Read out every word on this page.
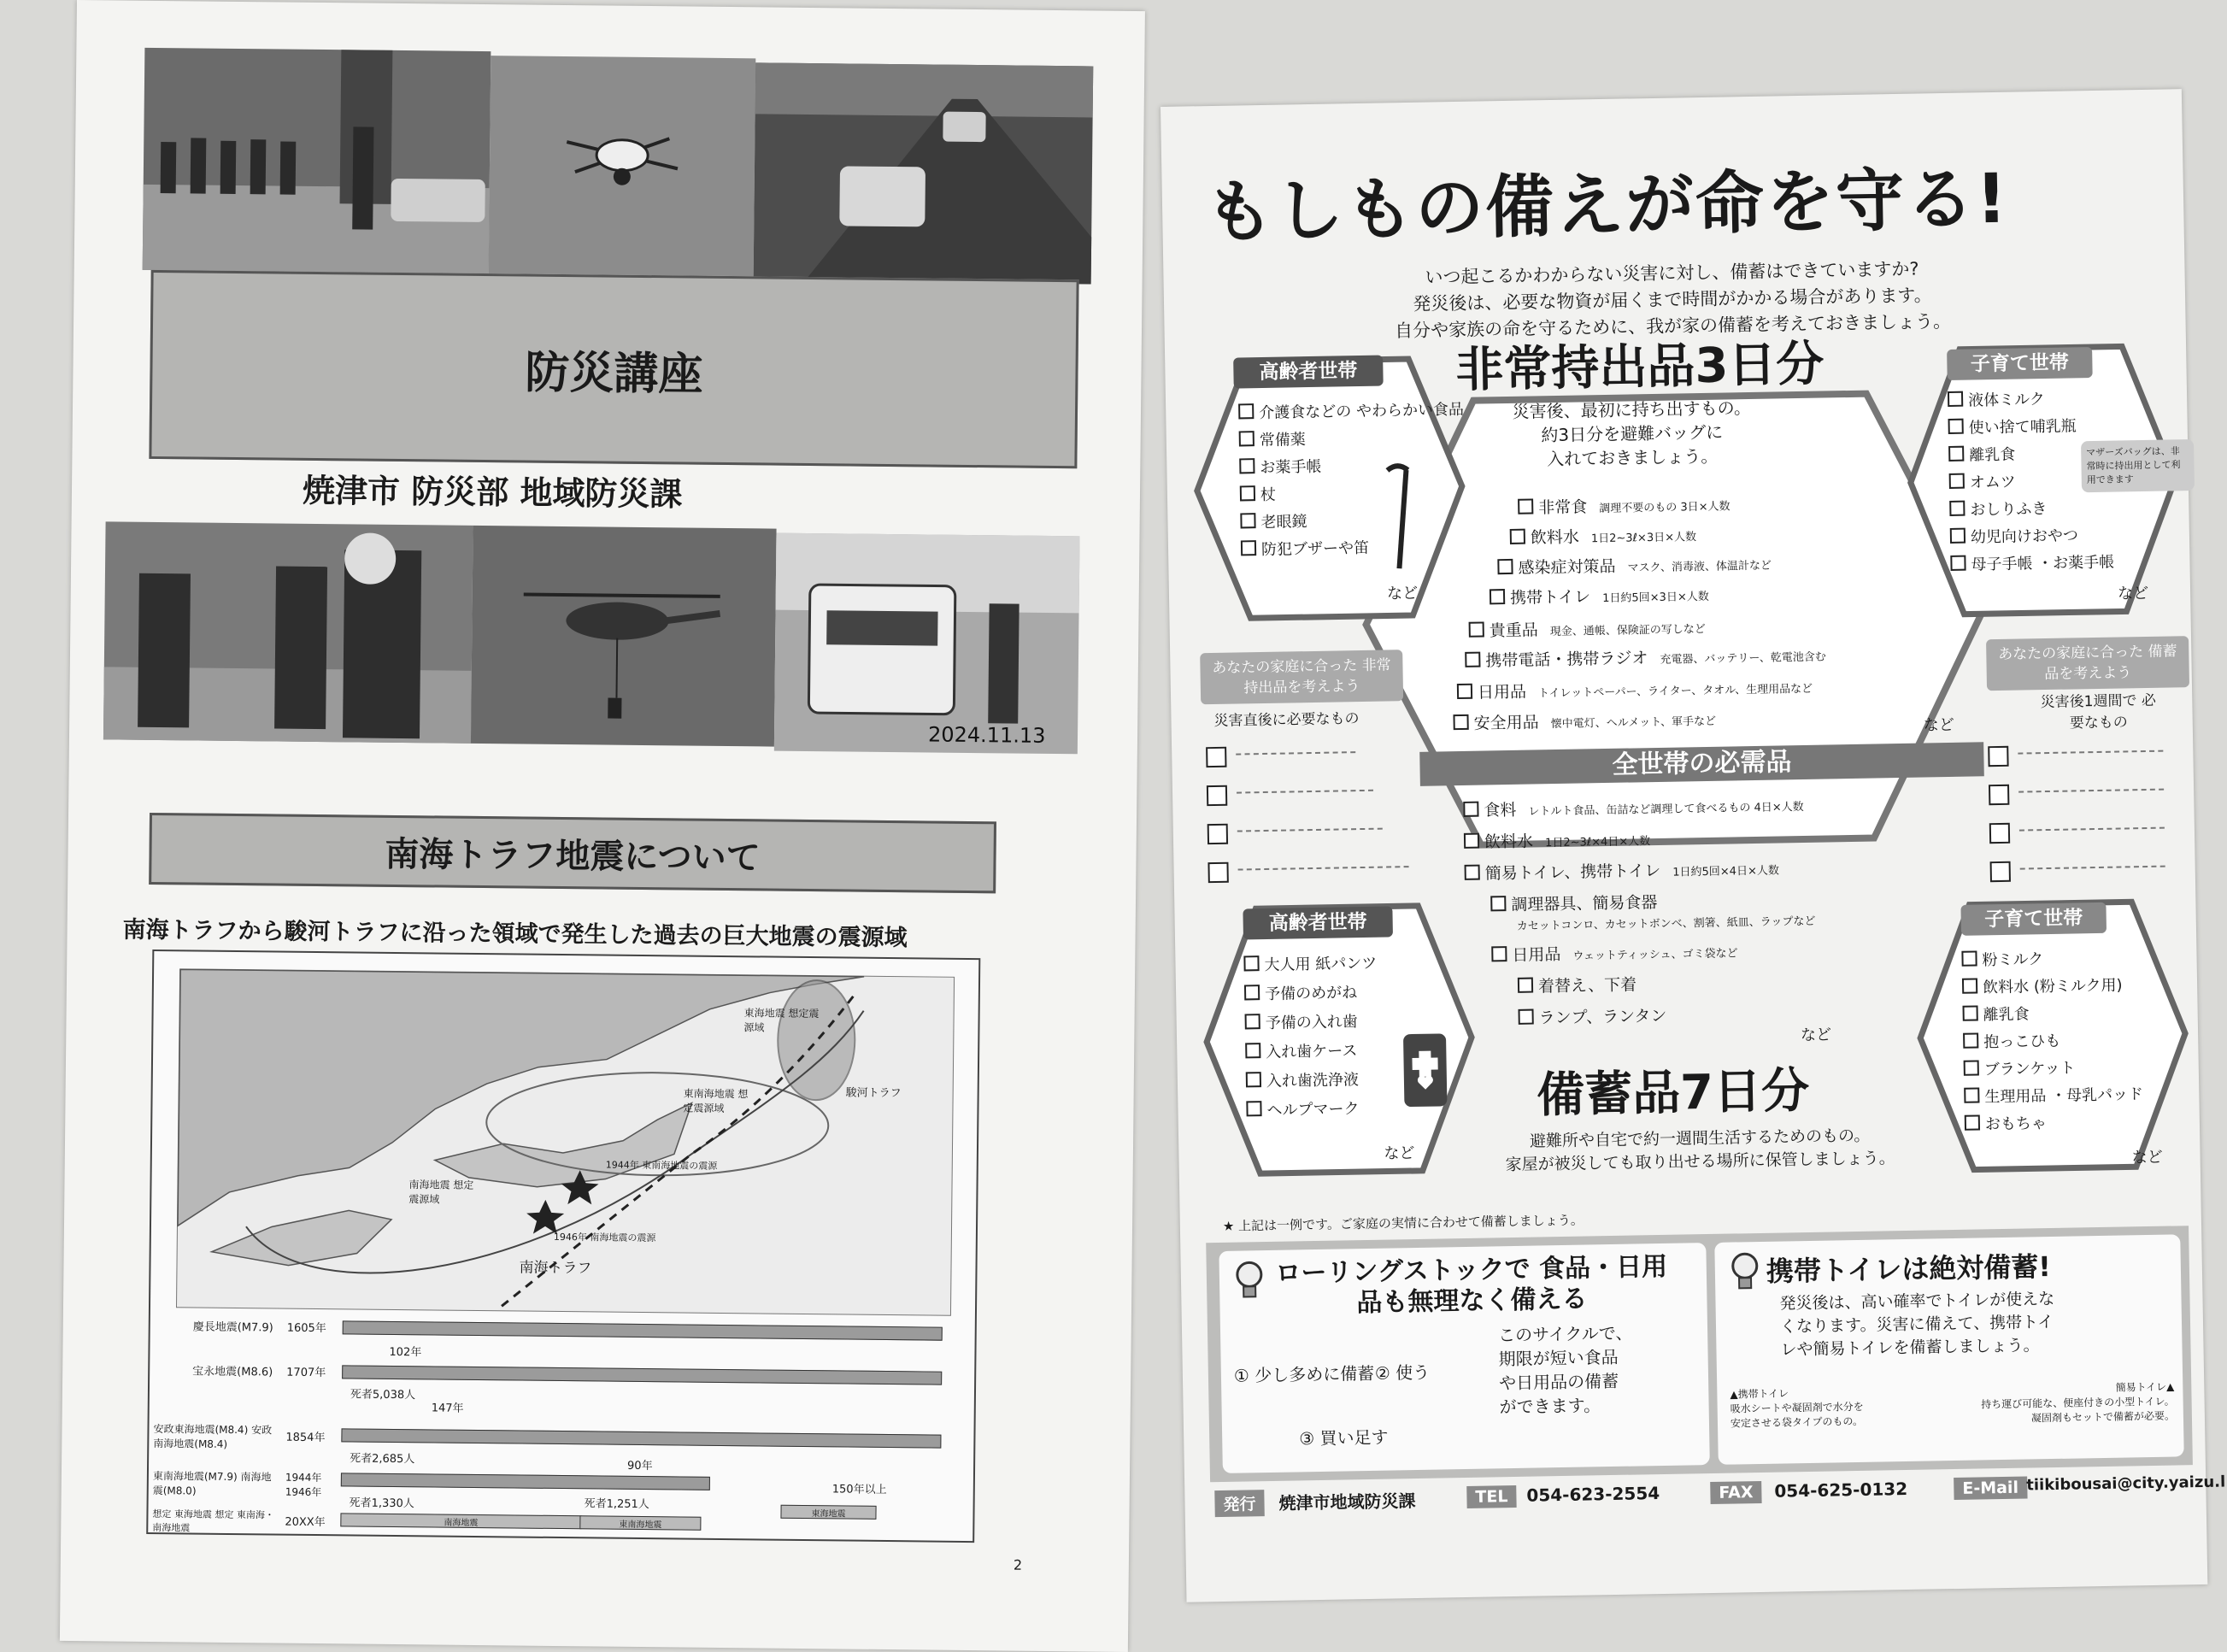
防災講座
焼津市 防災部 地域防災課
2024.11.13
南海トラフ地震について
南海トラフから駿河トラフに沿った領域で発生した過去の巨大地震の震源域
東海地震 想定震源域
東南海地震 想定震源域
南海地震 想定震源域
駿河トラフ
南海トラフ
1944年 東南海地震の震源
1946年 南海地震の震源
慶長地震(M7.9) 1605年
宝永地震(M8.6) 1707年
102年
死者5,038人
安政東海地震(M8.4) 安政南海地震(M8.4)	1854年
147年
死者2,685人
東南海地震(M7.9) 南海地震(M8.0)
1944年 1946年
90年
150年以上
死者1,330人	死者1,251人
想定 東海地震 想定 東南海・南海地震	20XX年	南海地震	東南海地震
東海地震
2
もしもの備えが命を守る!
いつ起こるかわからない災害に対し、備蓄はできていますか?
発災後は、必要な物資が届くまで時間がかかる場合があります。
自分や家族の命を守るために、我が家の備蓄を考えておきましょう。
非常持出品3日分
災害後、最初に持ち出すもの。
約3日分を避難バッグに
入れておきましょう。
非常食 調理不要のもの 3日×人数
飲料水 1日2~3ℓ×3日×人数
感染症対策品 マスク、消毒液、体温計など
携帯トイレ 1日約5回×3日×人数
貴重品 現金、通帳、保険証の写しなど
携帯電話・携帯ラジオ 充電器、バッテリー、乾電池含む
日用品 トイレットペーパー、ライター、タオル、生理用品など
安全用品 懐中電灯、ヘルメット、軍手など	など
全世帯の必需品
食料 レトルト食品、缶詰など調理して食べるもの 4日×人数
飲料水 1日2~3ℓ×4日×人数
簡易トイレ、携帯トイレ 1日約5回×4日×人数
調理器具、簡易食器
カセットコンロ、カセットボンベ、割箸、紙皿、ラップなど
日用品 ウェットティッシュ、ゴミ袋など
着替え、下着
ランプ、ランタン
など
備蓄品7日分
避難所や自宅で約一週間生活するためのもの。
家屋が被災しても取り出せる場所に保管しましょう。
高齢者世帯
介護食などの やわらかい食品
常備薬
お薬手帳
杖
老眼鏡
防犯ブザーや笛
など
子育て世帯
液体ミルク
使い捨て哺乳瓶
離乳食
オムツ
おしりふき
幼児向けおやつ
母子手帳 ・お薬手帳
マザーズバッグは、非常時に持出用として利用できます
など
あなたの家庭に合った 非常持出品を考えよう
災害直後に必要なもの
あなたの家庭に合った 備蓄品を考えよう
災害後1週間で 必要なもの
高齢者世帯
大人用 紙パンツ
予備のめがね
予備の入れ歯
入れ歯ケース
入れ歯洗浄液
ヘルプマーク
など
子育て世帯
粉ミルク
飲料水 (粉ミルク用)
離乳食
抱っこひも
ブランケット
生理用品 ・母乳パッド
おもちゃ
など
★ 上記は一例です。ご家庭の実情に合わせて備蓄しましょう。
ローリングストックで 食品・日用品も無理なく備える
① 少し多めに備蓄 ② 使う
③ 買い足す
このサイクルで、
期限が短い食品
や日用品の備蓄
ができます。
携帯トイレは絶対備蓄!
発災後は、高い確率でトイレが使えな
くなります。災害に備えて、携帯トイ
レや簡易トイレを備蓄しましょう。
▲携帯トイレ
吸水シートや凝固剤で水分を
安定させる袋タイプのもの。
簡易トイレ▲
持ち運び可能な、便座付きの小型トイレ。
凝固剤もセットで備蓄が必要。
発行	焼津市地域防災課	TEL	054-623-2554	FAX	054-625-0132	E-Mail tiikibousai@city.yaizu.l
